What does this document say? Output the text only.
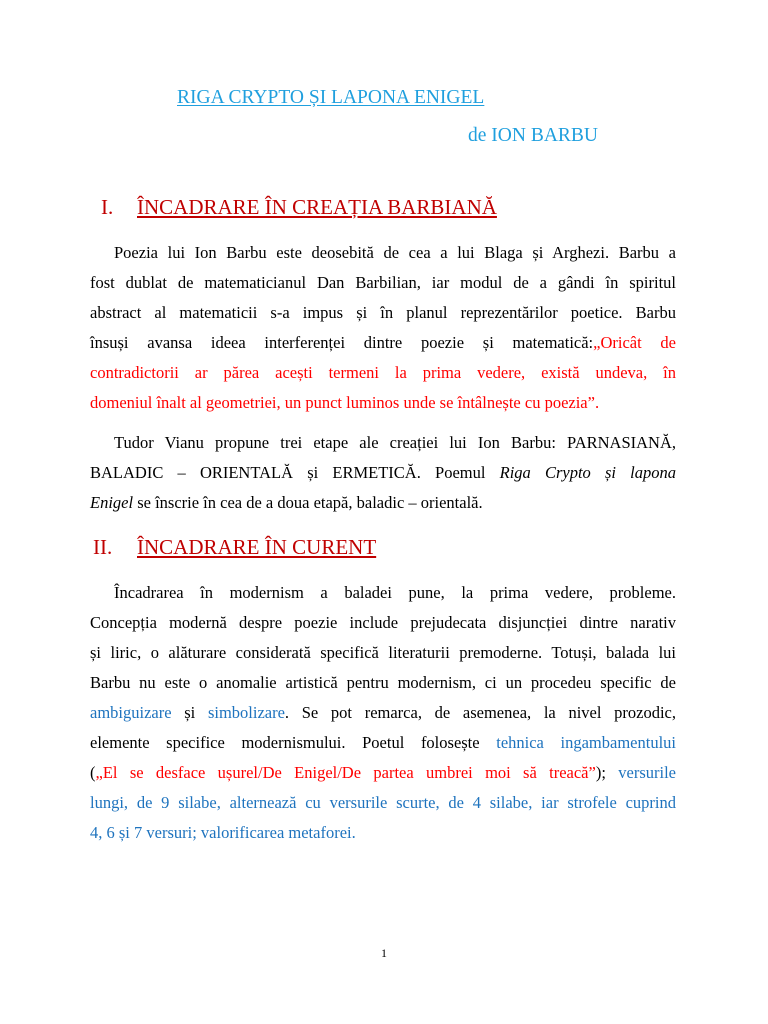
RIGA CRYPTO ȘI LAPONA ENIGEL
de ION BARBU
I. ÎNCADRARE ÎN CREAȚIA BARBIANĂ
Poezia lui Ion Barbu este deosebită de cea a lui Blaga și Arghezi. Barbu a
fost dublat de matematicianul Dan Barbilian, iar modul de a gândi în spiritul
abstract al matematicii s-a impus și în planul reprezentărilor poetice. Barbu
însuși avansa ideea interferenței dintre poezie și matematică:„Oricât de
contradictorii ar părea acești termeni la prima vedere, există undeva, în
domeniul înalt al geometriei, un punct luminos unde se întâlnește cu poezia”.
Tudor Vianu propune trei etape ale creației lui Ion Barbu: PARNASIANĂ,
BALADIC – ORIENTALĂ și ERMETICĂ. Poemul Riga Crypto și lapona
Enigel se înscrie în cea de a doua etapă, baladic – orientală.
II. ÎNCADRARE ÎN CURENT
Încadrarea în modernism a baladei pune, la prima vedere, probleme.
Concepția modernă despre poezie include prejudecata disjuncției dintre narativ
și liric, o alăturare considerată specifică literaturii premoderne. Totuși, balada lui
Barbu nu este o anomalie artistică pentru modernism, ci un procedeu specific de
ambiguizare și simbolizare. Se pot remarca, de asemenea, la nivel prozodic,
elemente specifice modernismului. Poetul folosește tehnica ingambamentului
(„El se desface ușurel/De Enigel/De partea umbrei moi să treacă”); versurile
lungi, de 9 silabe, alternează cu versurile scurte, de 4 silabe, iar strofele cuprind
4, 6 și 7 versuri; valorificarea metaforei.
1
